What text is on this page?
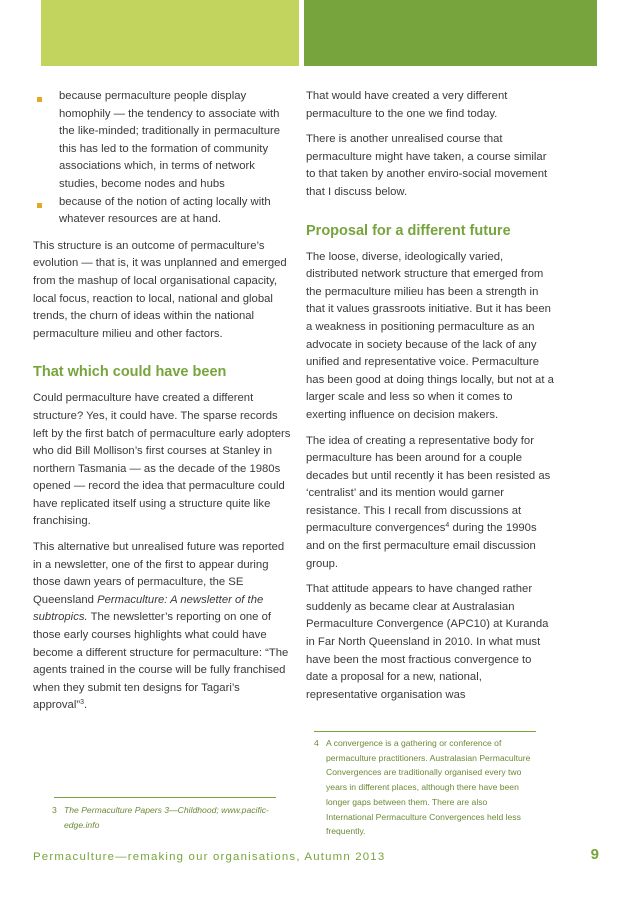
because permaculture people display homophily — the tendency to associate with the like-minded; traditionally in permaculture this has led to the formation of community associations which, in terms of network studies, become nodes and hubs
because of the notion of acting locally with whatever resources are at hand.

This structure is an outcome of permaculture’s evolution — that is, it was unplanned and emerged from the mashup of local organisational capacity, local focus, reaction to local, national and global trends, the churn of ideas within the national permaculture milieu and other factors.

That which could have been

Could permaculture have created a different structure? Yes, it could have. The sparse records left by the first batch of permaculture early adopters who did Bill Mollison’s first courses at Stanley in northern Tasmania — as the decade of the 1980s opened — record the idea that permaculture could have replicated itself using a structure quite like franchising.

This alternative but unrealised future was reported in a newsletter, one of the first to appear during those dawn years of permaculture, the SE Queensland Permaculture: A newsletter of the subtropics. The newsletter’s reporting on one of those early courses highlights what could have become a different structure for permaculture: “The agents trained in the course will be fully franchised when they submit ten designs for Tagari’s approval”$^3$.

That would have created a very different permaculture to the one we find today.

There is another unrealised course that permaculture might have taken, a course similar to that taken by another enviro-social movement that I discuss below.

Proposal for a different future

The loose, diverse, ideologically varied, distributed network structure that emerged from the permaculture milieu has been a strength in that it values grassroots initiative. But it has been a weakness in positioning permaculture as an advocate in society because of the lack of any unified and representative voice. Permaculture has been good at doing things locally, but not at a larger scale and less so when it comes to exerting influence on decision makers.

The idea of creating a representative body for permaculture has been around for a couple decades but until recently it has been resisted as ‘centralist’ and its mention would garner resistance. This I recall from discussions at permaculture convergences$^4$ during the 1990s and on the first permaculture email discussion group.

That attitude appears to have changed rather suddenly as became clear at Australasian Permaculture Convergence (APC10) at Kuranda in Far North Queensland in 2010. In what must have been the most fractious convergence to date a proposal for a new, national, representative organisation was

3 The Permaculture Papers 3—Childhood; www.pacific-edge.info
4 A convergence is a gathering or conference of permaculture practitioners. Australasian Permaculture Convergences are traditionally organised every two years in different places, although there have been longer gaps between them. There are also International Permaculture Convergences held less frequently.
Permaculture—remaking our organisations, Autumn 2013	9
